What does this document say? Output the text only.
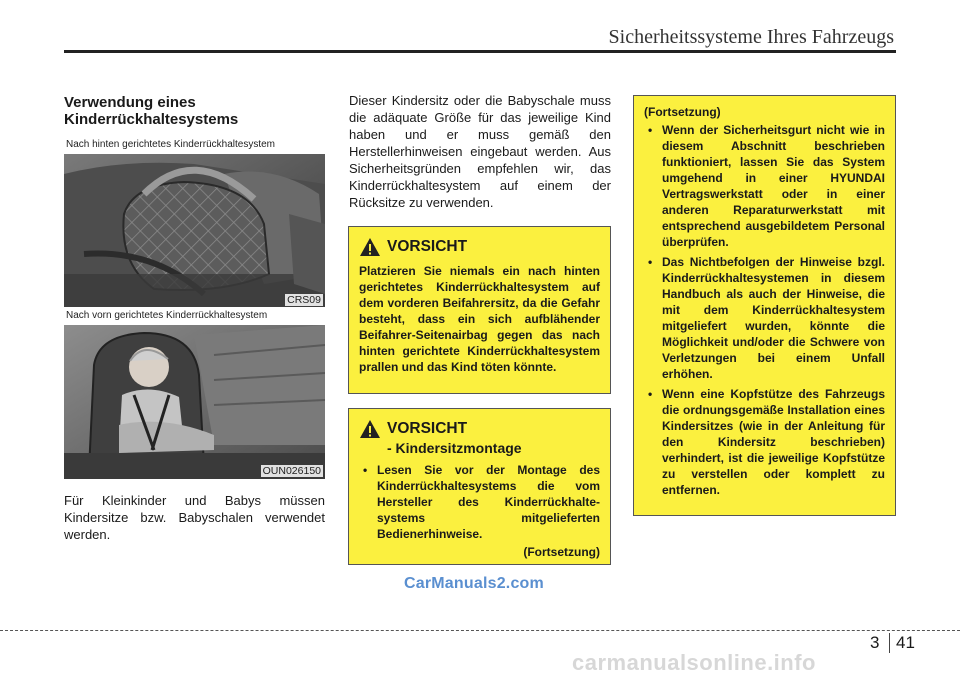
Sicherheitssysteme Ihres Fahrzeugs
Verwendung eines
Kinderrückhaltesystems
Nach hinten gerichtetes Kinderrückhaltesystem
CRS09
Nach vorn gerichtetes Kinderrückhaltesystem
OUN026150

Für Kleinkinder und Babys müssen Kindersitze bzw. Babyschalen verwendet werden.

Dieser Kindersitz oder die Babyschale muss die adäquate Größe für das jeweilige Kind haben und er muss gemäß den Herstellerhinweisen eingebaut werden. Aus Sicherheitsgründen empfehlen wir, das Kinderrückhaltesystem auf einem der Rücksitze zu verwenden.

VORSICHT

Platzieren Sie niemals ein nach hinten gerichtetes Kinderrückhaltesystem auf dem vorderen Beifahrersitz, da die Gefahr besteht, dass ein sich aufblähender Beifahrer-Seitenairbag gegen das nach hinten gerichtete Kinderrückhaltesystem prallen und das Kind töten könnte.

VORSICHT
- Kindersitzmontage
• Lesen Sie vor der Montage des Kinderrückhaltesystems die vom Hersteller des Kinderrückhalte-systems mitgelieferten Bedienerhinweise.
(Fortsetzung)
(Fortsetzung)
• Wenn der Sicherheitsgurt nicht wie in diesem Abschnitt beschrieben funktioniert, lassen Sie das System umgehend in einer HYUNDAI Vertragswerkstatt oder in einer anderen Reparaturwerkstatt mit entsprechend ausgebildetem Personal überprüfen.
• Das Nichtbefolgen der Hinweise bzgl. Kinderrückhaltesystemen in diesem Handbuch als auch der Hinweise, die mit dem Kinderrückhaltesystem mitgeliefert wurden, könnte die Möglichkeit und/oder die Schwere von Verletzungen bei einem Unfall erhöhen.
• Wenn eine Kopfstütze des Fahrzeugs die ordnungsgemäße Installation eines Kindersitzes (wie in der Anleitung für den Kindersitz beschrieben) verhindert, ist die jeweilige Kopfstütze zu verstellen oder komplett zu entfernen.
CarManuals2.com
3 41
carmanualsonline.info
